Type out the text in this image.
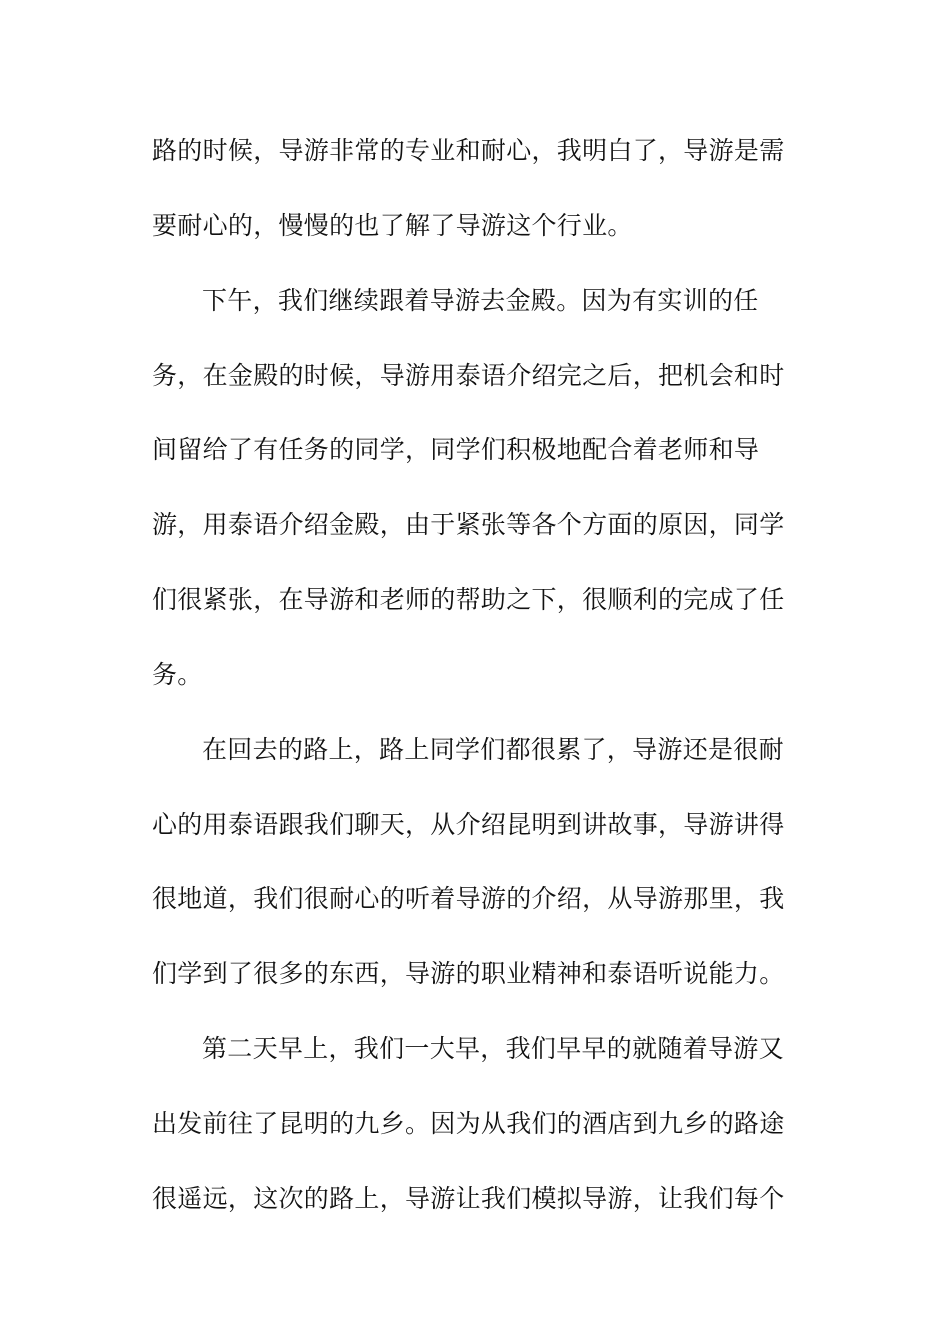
路的时候，导游非常的专业和耐心，我明白了，导游是需
要耐心的，慢慢的也了解了导游这个行业。
下午，我们继续跟着导游去金殿。因为有实训的任
务，在金殿的时候，导游用泰语介绍完之后，把机会和时
间留给了有任务的同学，同学们积极地配合着老师和导
游，用泰语介绍金殿，由于紧张等各个方面的原因，同学
们很紧张，在导游和老师的帮助之下，很顺利的完成了任
务。
在回去的路上，路上同学们都很累了，导游还是很耐
心的用泰语跟我们聊天，从介绍昆明到讲故事，导游讲得
很地道，我们很耐心的听着导游的介绍，从导游那里，我
们学到了很多的东西，导游的职业精神和泰语听说能力。
第二天早上，我们一大早，我们早早的就随着导游又
出发前往了昆明的九乡。因为从我们的酒店到九乡的路途
很遥远，这次的路上，导游让我们模拟导游，让我们每个
